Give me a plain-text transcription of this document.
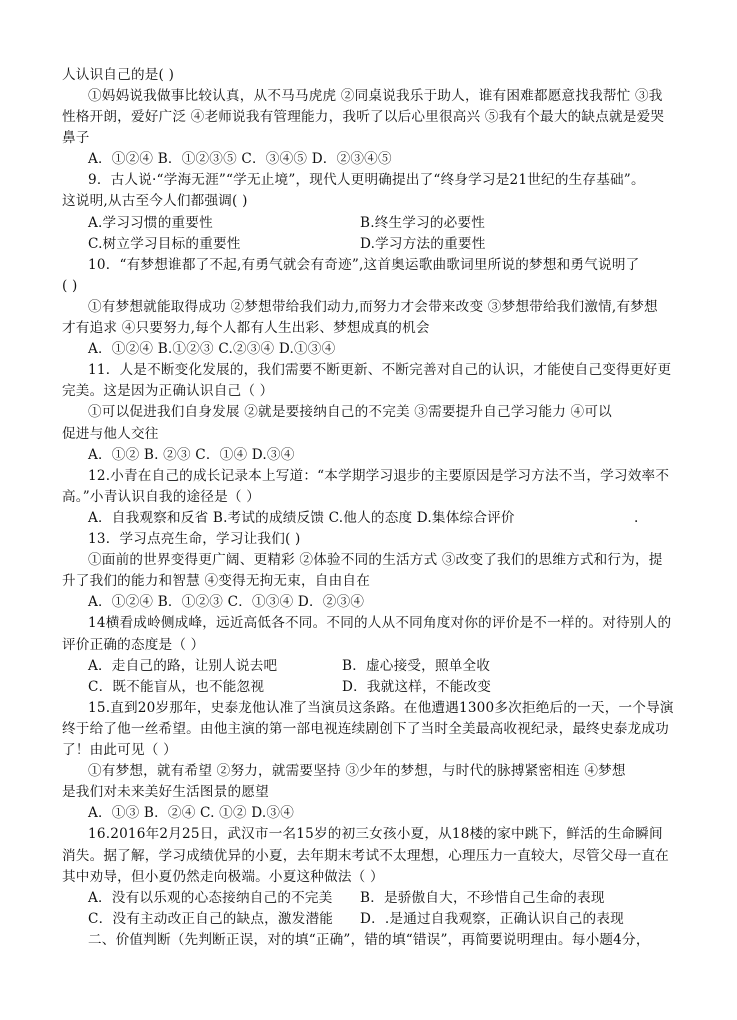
人认识自己的是( )
①妈妈说我做事比较认真，从不马马虎虎 ②同桌说我乐于助人，谁有困难都愿意找我帮忙 ③我
性格开朗，爱好广泛 ④老师说我有管理能力，我听了以后心里很高兴 ⑤我有个最大的缺点就是爱哭
鼻子
A．①②④ B．①②③⑤ C．③④⑤ D．②③④⑤
9．古人说·“学海无涯”“学无止境”，现代人更明确提出了“终身学习是21世纪的生存基础”。
这说明,从古至今人们都强调( )
A.学习习惯的重要性	B.终生学习的必要性
C.树立学习目标的重要性	D.学习方法的重要性
10．“有梦想谁都了不起,有勇气就会有奇迹”,这首奥运歌曲歌词里所说的梦想和勇气说明了
( )
①有梦想就能取得成功 ②梦想带给我们动力,而努力才会带来改变 ③梦想带给我们激情,有梦想
才有追求 ④只要努力,每个人都有人生出彩、梦想成真的机会
A．①②④ B.①②③ C.②③④ D.①③④
11．人是不断变化发展的，我们需要不断更新、不断完善对自己的认识，才能使自己变得更好更
完美。这是因为正确认识自己（ ）
①可以促进我们自身发展 ②就是要接纳自己的不完美 ③需要提升自己学习能力 ④可以
促进与他人交往
A．①② B. ②③ C．①④ D.③④
12.小青在自己的成长记录本上写道：“本学期学习退步的主要原因是学习方法不当，学习效率不
高。”小青认识自我的途径是（ ）
A．自我观察和反省 B.考试的成绩反馈 C.他人的态度 D.集体综合评价	.
13．学习点亮生命，学习让我们( )
①面前的世界变得更广阔、更精彩 ②体验不同的生活方式 ③改变了我们的思维方式和行为，提
升了我们的能力和智慧 ④变得无拘无束，自由自在
A．①②④ B．①②③ C．①③④ D．②③④
14横看成岭侧成峰，远近高低各不同。不同的人从不同角度对你的评价是不一样的。对待别人的
评价正确的态度是（ ）
A．走自己的路，让别人说去吧	B．虚心接受，照单全收
C．既不能盲从，也不能忽视	D．我就这样，不能改变
15.直到20岁那年，史泰龙他认准了当演员这条路。在他遭遇1300多次拒绝后的一天，一个导演
终于给了他一丝希望。由他主演的第一部电视连续剧创下了当时全美最高收视纪录，最终史泰龙成功
了！由此可见（ ）
①有梦想，就有希望 ②努力，就需要坚持 ③少年的梦想，与时代的脉搏紧密相连 ④梦想
是我们对未来美好生活图景的愿望
A．①③ B．②④ C. ①② D.③④
16.2016年2月25日，武汉市一名15岁的初三女孩小夏，从18楼的家中跳下，鲜活的生命瞬间
消失。据了解，学习成绩优异的小夏，去年期末考试不太理想，心理压力一直较大，尽管父母一直在
其中劝导，但小夏仍然走向极端。小夏这种做法（ ）
A．没有以乐观的心态接纳自己的不完美 B．是骄傲自大，不珍惜自己生命的表现
C．没有主动改正自己的缺点，激发潜能 D．.是通过自我观察，正确认识自己的表现
二、价值判断（先判断正误，对的填“正确”，错的填“错误”，再简要说明理由。每小题4分，
